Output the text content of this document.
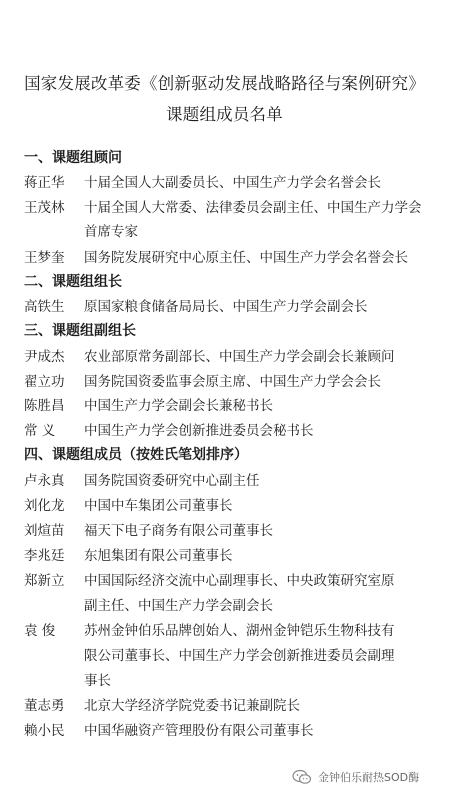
国家发展改革委《创新驱动发展战略路径与案例研究》
课题组成员名单
一、课题组顾问
蒋正华	十届全国人大副委员长、中国生产力学会名誉会长
王茂林	十届全国人大常委、法律委员会副主任、中国生产力学会
首席专家
王梦奎	国务院发展研究中心原主任、中国生产力学会名誉会长
二、课题组组长
高铁生	原国家粮食储备局局长、中国生产力学会副会长
三、课题组副组长
尹成杰	农业部原常务副部长、中国生产力学会副会长兼顾问
翟立功	国务院国资委监事会原主席、中国生产力学会会长
陈胜昌	中国生产力学会副会长兼秘书长
常 义	中国生产力学会创新推进委员会秘书长
四、课题组成员（按姓氏笔划排序）
卢永真	国务院国资委研究中心副主任
刘化龙	中国中车集团公司董事长
刘煊苗	福天下电子商务有限公司董事长
李兆廷	东旭集团有限公司董事长
郑新立	中国国际经济交流中心副理事长、中央政策研究室原
副主任、中国生产力学会副会长
袁 俊	苏州金钟伯乐品牌创始人、湖州金钟铠乐生物科技有
限公司董事长、中国生产力学会创新推进委员会副理
事长
董志勇	北京大学经济学院党委书记兼副院长
赖小民	中国华融资产管理股份有限公司董事长
金钟伯乐耐热SOD酶
